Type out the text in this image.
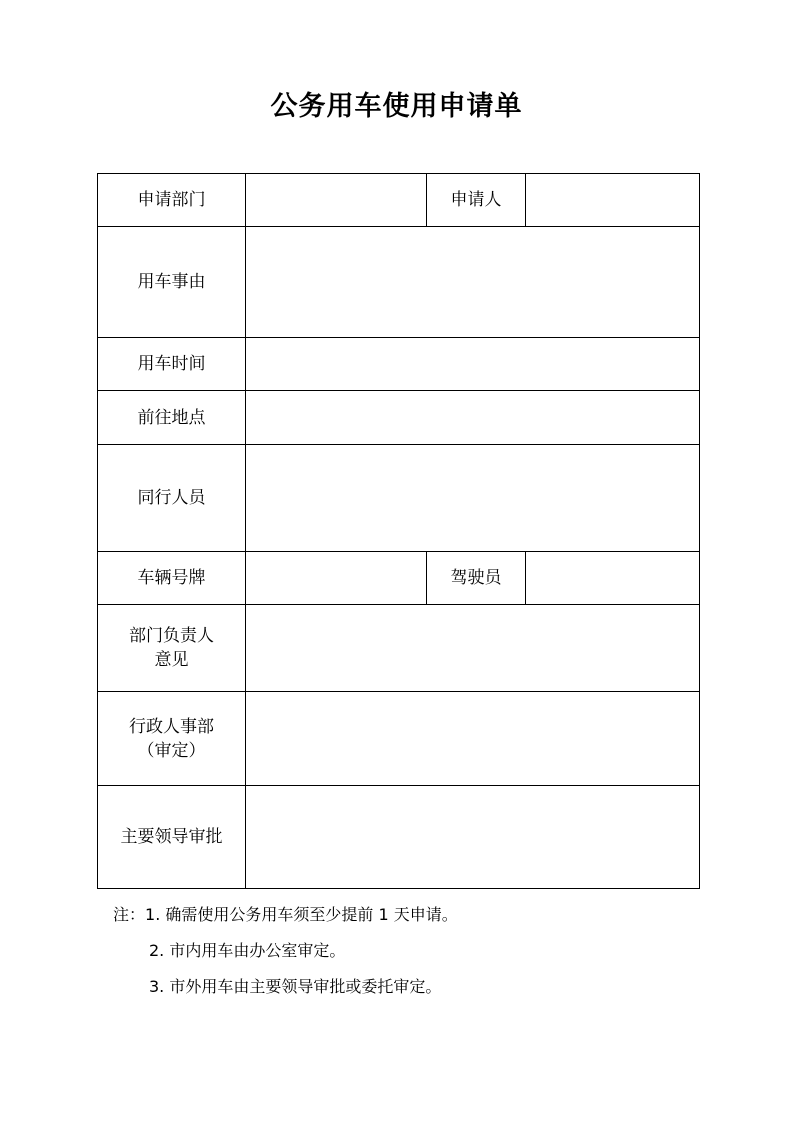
公务用车使用申请单
申请部门		申请人	
用车事由			
用车时间			
前往地点			
同行人员			
车辆号牌		驾驶员	

部门负责人
意见			

行政人事部
（审定）			

主要领导审批			
注：1. 确需使用公务用车须至少提前 1 天申请。
2. 市内用车由办公室审定。
3. 市外用车由主要领导审批或委托审定。
